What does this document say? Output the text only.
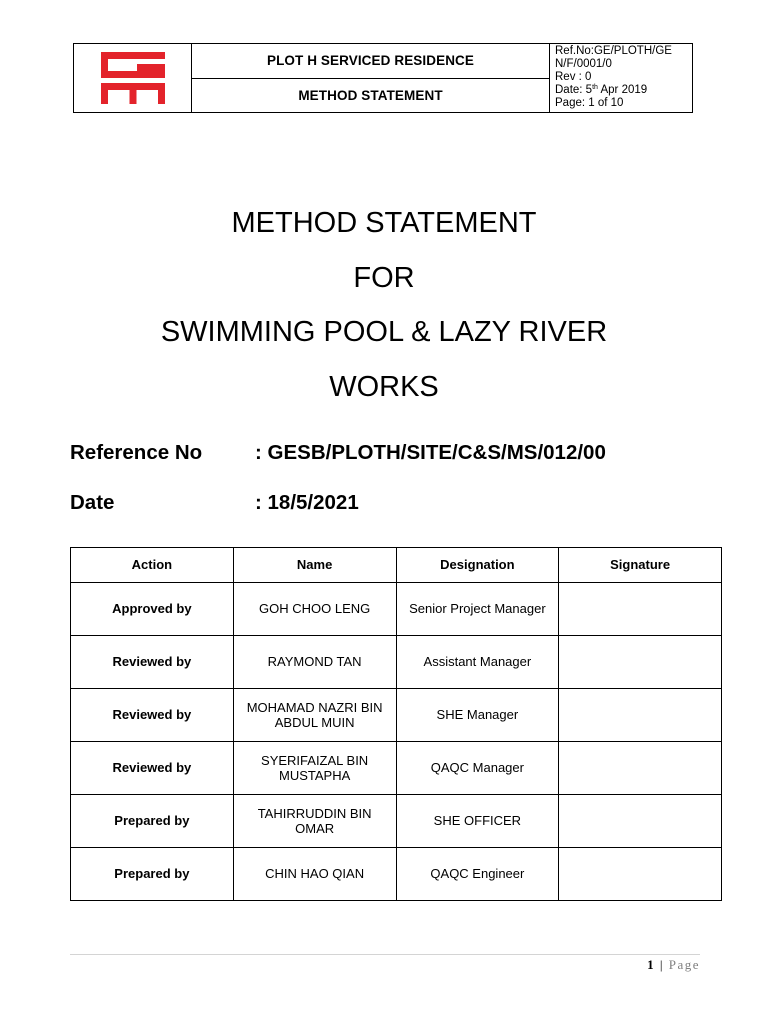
PLOT H SERVICED RESIDENCE
METHOD STATEMENT
Ref.No:GE/PLOTH/GE
N/F/0001/0
Rev : 0
Date: 5th Apr 2019
Page: 1 of 10
METHOD STATEMENT
FOR
SWIMMING POOL & LAZY RIVER
WORKS
Reference No	: GESB/PLOTH/SITE/C&S/MS/012/00
Date	: 18/5/2021
Action	Name	Designation	Signature
Approved by	GOH CHOO LENG	Senior Project Manager	
Reviewed by	RAYMOND TAN	Assistant Manager	
Reviewed by	MOHAMAD NAZRI BIN ABDUL MUIN	SHE Manager	
Reviewed by	SYERIFAIZAL BIN MUSTAPHA	QAQC Manager	
Prepared by	TAHIRRUDDIN BIN OMAR	SHE OFFICER	
Prepared by	CHIN HAO QIAN	QAQC Engineer	
1 | Page
